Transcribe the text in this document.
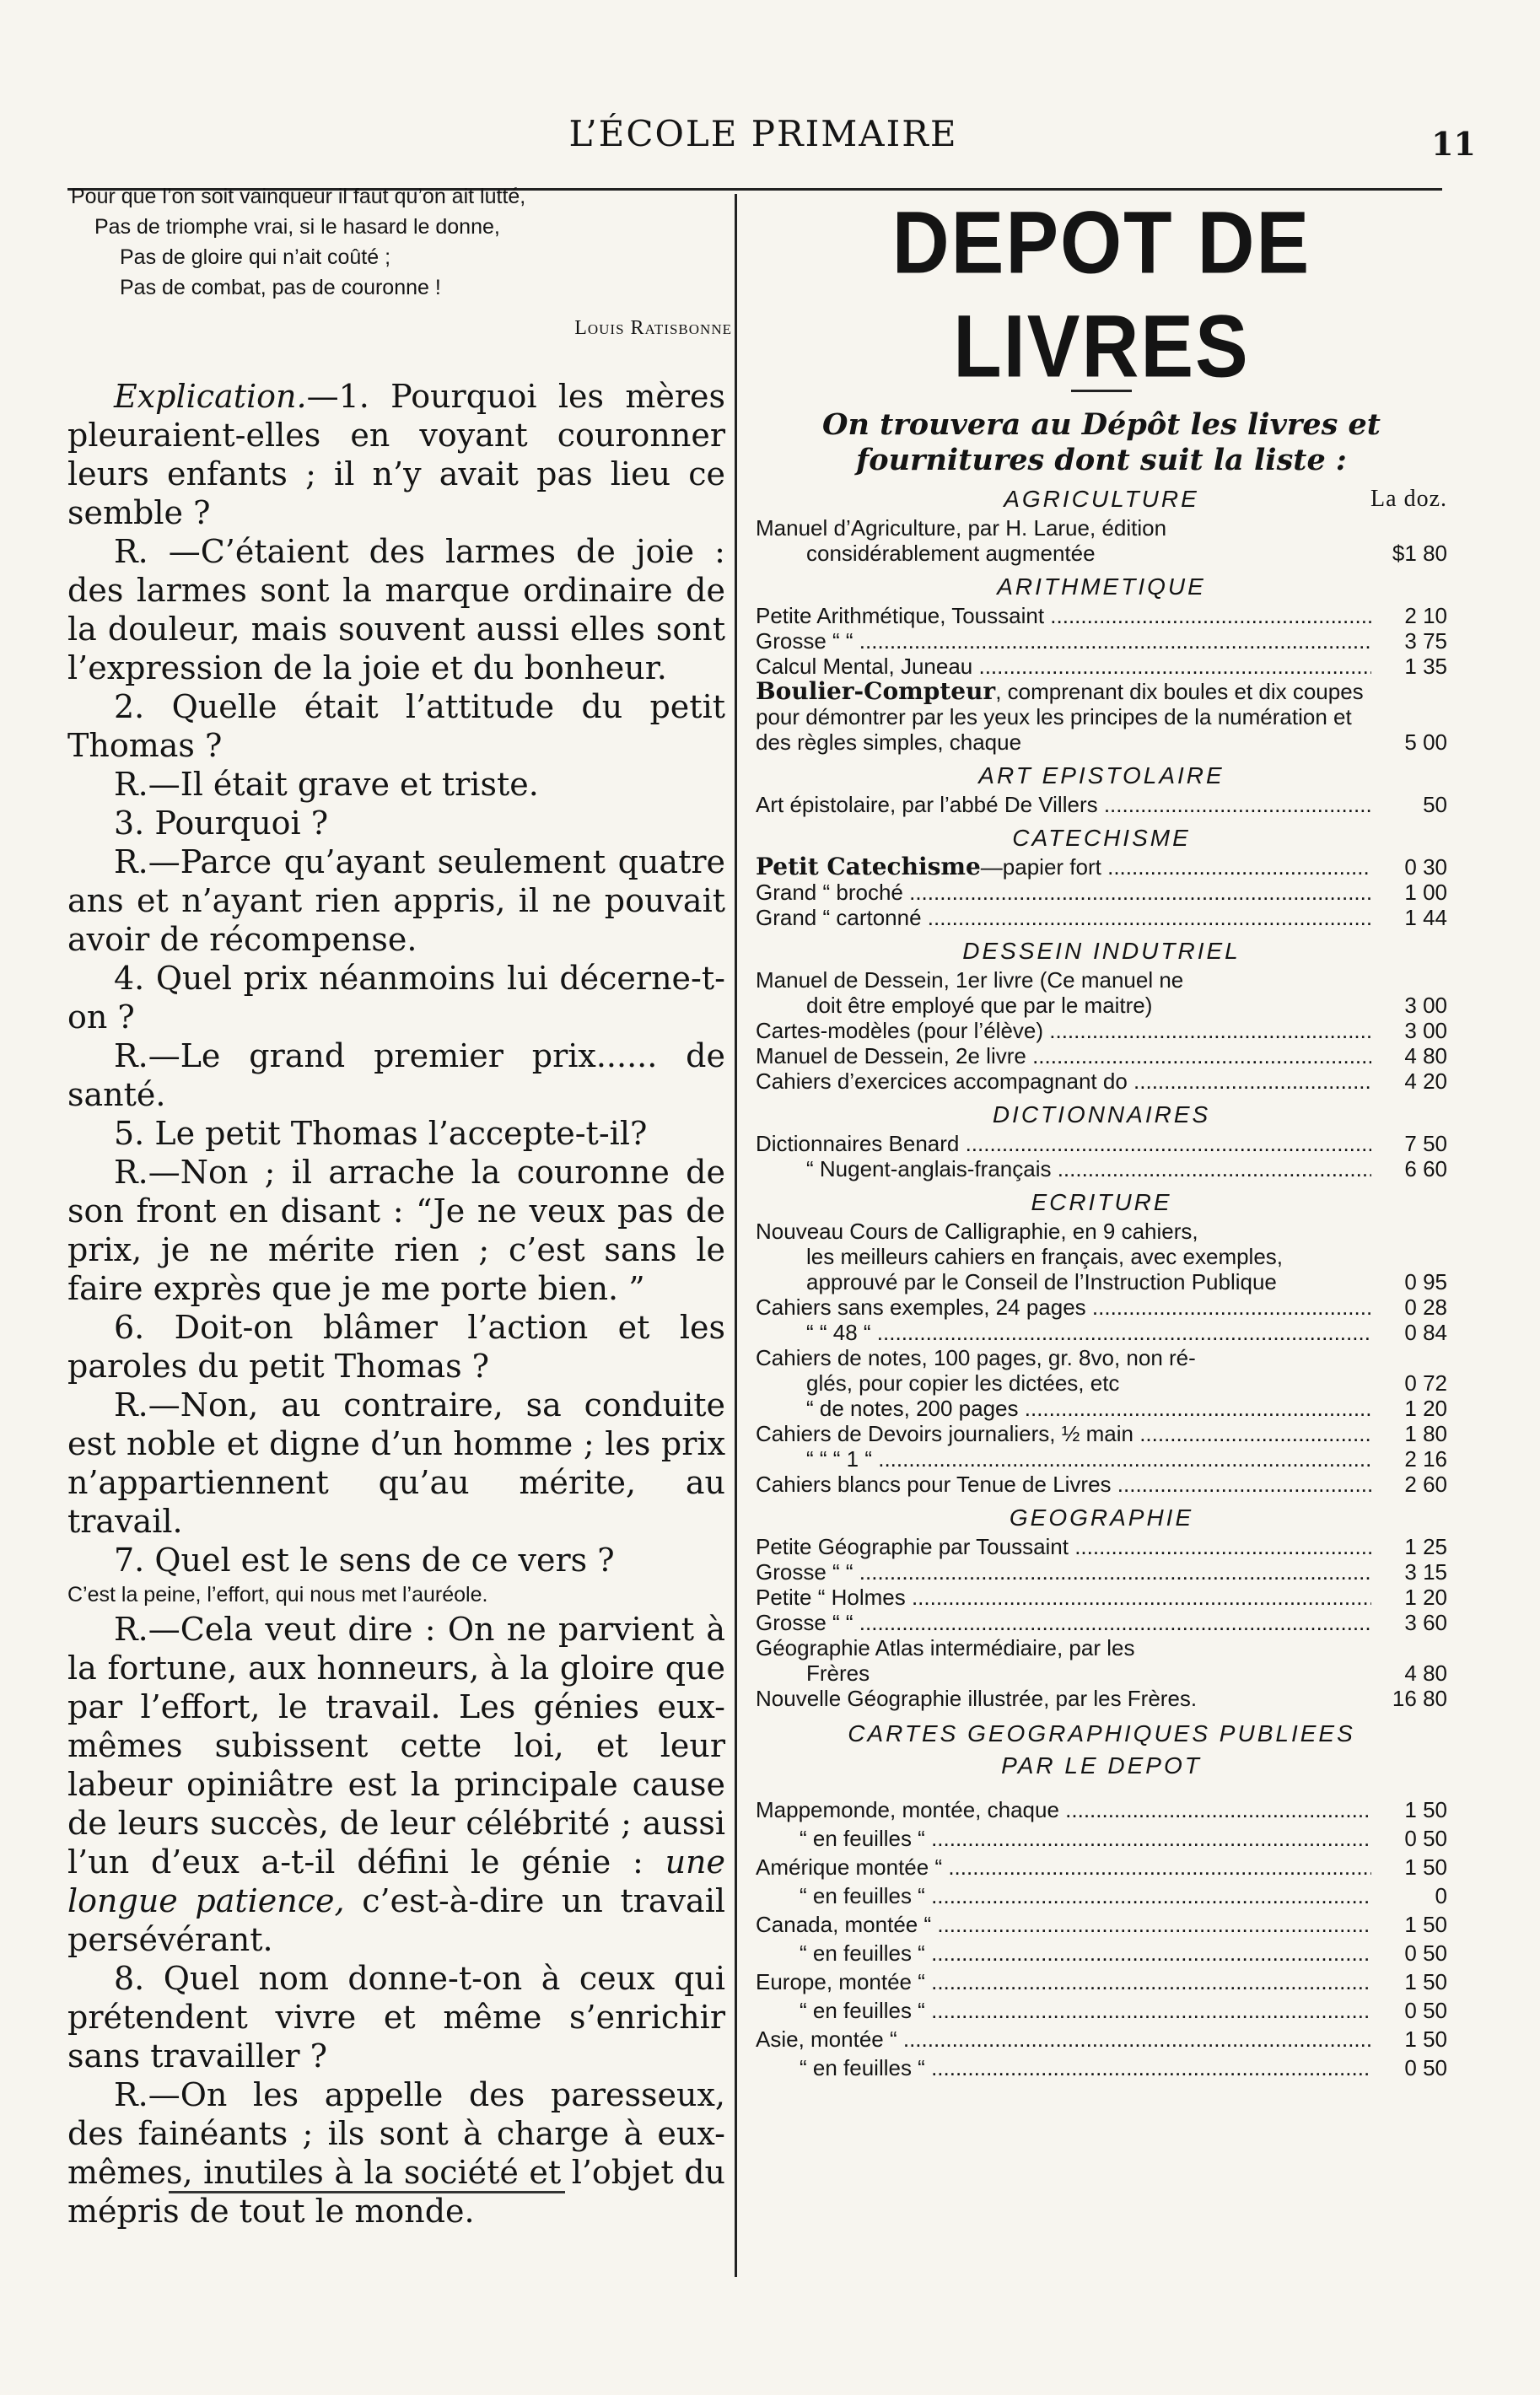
L’ÉCOLE PRIMAIRE	11
Pour que l’on soit vainqueur il faut qu’on ait lutté,
Pas de triomphe vrai, si le hasard le donne,
Pas de gloire qui n’ait coûté ;
Pas de combat, pas de couronne !
Louis Ratisbonne

Explication.—1. Pourquoi les mères pleuraient-elles en voyant couronner leurs enfants ; il n’y avait pas lieu ce semble ?

R. —C’étaient des larmes de joie : des larmes sont la marque ordinaire de la douleur, mais souvent aussi elles sont l’expression de la joie et du bonheur.

2. Quelle était l’attitude du petit Thomas ?

R.—Il était grave et triste.

3. Pourquoi ?

R.—Parce qu’ayant seulement quatre ans et n’ayant rien appris, il ne pouvait avoir de récompense.

4. Quel prix néanmoins lui décerne-t-on ?

R.—Le grand premier prix...... de santé.

5. Le petit Thomas l’accepte-t-il?

R.—Non ; il arrache la couronne de son front en disant : “Je ne veux pas de prix, je ne mérite rien ; c’est sans le faire exprès que je me porte bien. ”

6. Doit-on blâmer l’action et les paroles du petit Thomas ?

R.—Non, au contraire, sa conduite est noble et digne d’un homme ; les prix n’appartiennent qu’au mérite, au travail.

7. Quel est le sens de ce vers ?

C’est la peine, l’effort, qui nous met l’auréole.

R.—Cela veut dire : On ne parvient à la fortune, aux honneurs, à la gloire que par l’effort, le travail. Les génies eux-mêmes subissent cette loi, et leur labeur opiniâtre est la principale cause de leurs succès, de leur célébrité ; aussi l’un d’eux a-t-il défini le génie : une longue patience, c’est-à-dire un travail persévérant.

8. Quel nom donne-t-on à ceux qui prétendent vivre et même s’enrichir sans travailler ?

R.—On les appelle des paresseux, des fainéants ; ils sont à charge à eux-mêmes, inutiles à la société et l’objet du mépris de tout le monde.

DEPOT DE LIVRES
On trouvera au Dépôt les livres et fournitures dont suit la liste :
AGRICULTURE	La doz.
Manuel d’Agriculture, par H. Larue, édition
considérablement augmentée	$1 80
ARITHMETIQUE
Petite Arithmétique, Toussaint .....	2 10
Grosse “ “ .....	3 75
Calcul Mental, Juneau .....	1 35
Boulier-Compteur, comprenant dix boules et dix coupes pour démontrer par les yeux les principes de la numération et des règles simples, chaque	5 00
ART EPISTOLAIRE
Art épistolaire, par l’abbé De Villers .....	50
CATECHISME
Petit Catechisme—papier fort .....	0 30
Grand “ broché .....	1 00
Grand “ cartonné .....	1 44
DESSEIN INDUTRIEL
Manuel de Dessein, 1er livre (Ce manuel ne
doit être employé que par le maitre)	3 00
Cartes-modèles (pour l’élève) .....	3 00
Manuel de Dessein, 2e livre .....	4 80
Cahiers d’exercices accompagnant do .....	4 20
DICTIONNAIRES
Dictionnaires Benard .....	7 50
“ Nugent-anglais-français .....	6 60
ECRITURE
Nouveau Cours de Calligraphie, en 9 cahiers,
les meilleurs cahiers en français, avec exemples, approuvé par le Conseil de l’Instruction Publique	0 95
Cahiers sans exemples, 24 pages .....	0 28
“ “ 48 “ .....	0 84
Cahiers de notes, 100 pages, gr. 8vo, non ré-
glés, pour copier les dictées, etc	0 72
“ de notes, 200 pages .....	1 20
Cahiers de Devoirs journaliers, ½ main .....	1 80
“ “ “ 1 “ .....	2 16
Cahiers blancs pour Tenue de Livres .....	2 60
GEOGRAPHIE
Petite Géographie par Toussaint .....	1 25
Grosse “ “ .....	3 15
Petite “ Holmes .....	1 20
Grosse “ “ .....	3 60
Géographie Atlas intermédiaire, par les
Frères	4 80
Nouvelle Géographie illustrée, par les Frères.	16 80
CARTES GEOGRAPHIQUES PUBLIEES
PAR LE DEPOT
Mappemonde, montée, chaque .....	1 50
“ en feuilles “ .....	0 50
Amérique montée “ .....	1 50
“ en feuilles “ .....	0
Canada, montée “ .....	1 50
“ en feuilles “ .....	0 50
Europe, montée “ .....	1 50
“ en feuilles “ .....	0 50
Asie, montée “ .....	1 50
“ en feuilles “ .....	0 50
